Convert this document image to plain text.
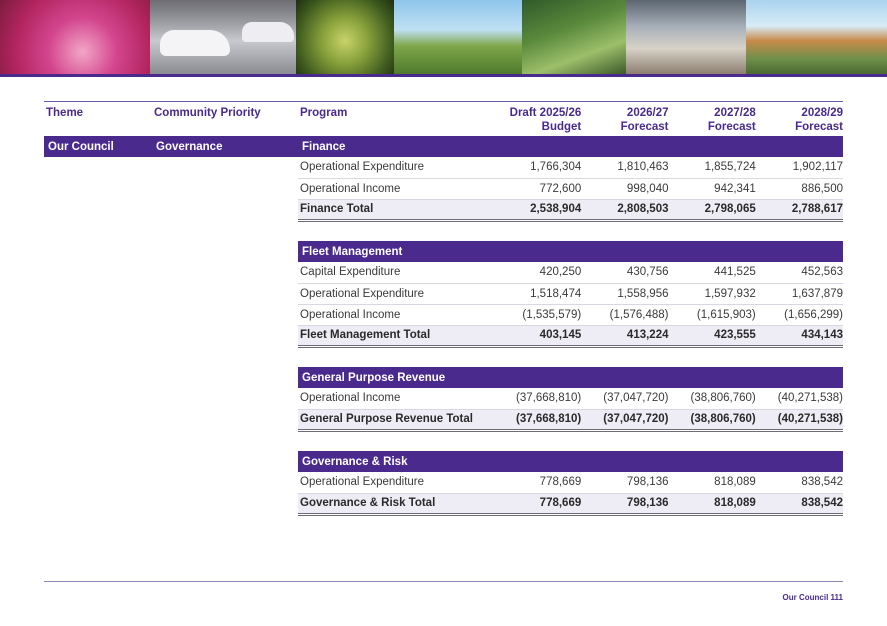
Theme	Community Priority	Program	Draft 2025/26 Budget	2026/27 Forecast	2027/28 Forecast	2028/29 Forecast
Our Council	Governance	Finance				
		Operational Expenditure	1,766,304	1,810,463	1,855,724	1,902,117
		Operational Income	772,600	998,040	942,341	886,500
		Finance Total	2,538,904	2,808,503	2,798,065	2,788,617

		Fleet Management				
		Capital Expenditure	420,250	430,756	441,525	452,563
		Operational Expenditure	1,518,474	1,558,956	1,597,932	1,637,879
		Operational Income	(1,535,579)	(1,576,488)	(1,615,903)	(1,656,299)
		Fleet Management Total	403,145	413,224	423,555	434,143

		General Purpose Revenue				
		Operational Income	(37,668,810)	(37,047,720)	(38,806,760)	(40,271,538)
		General Purpose Revenue Total	(37,668,810)	(37,047,720)	(38,806,760)	(40,271,538)

		Governance & Risk				
		Operational Expenditure	778,669	798,136	818,089	838,542
		Governance & Risk Total	778,669	798,136	818,089	838,542
Our Council 111
